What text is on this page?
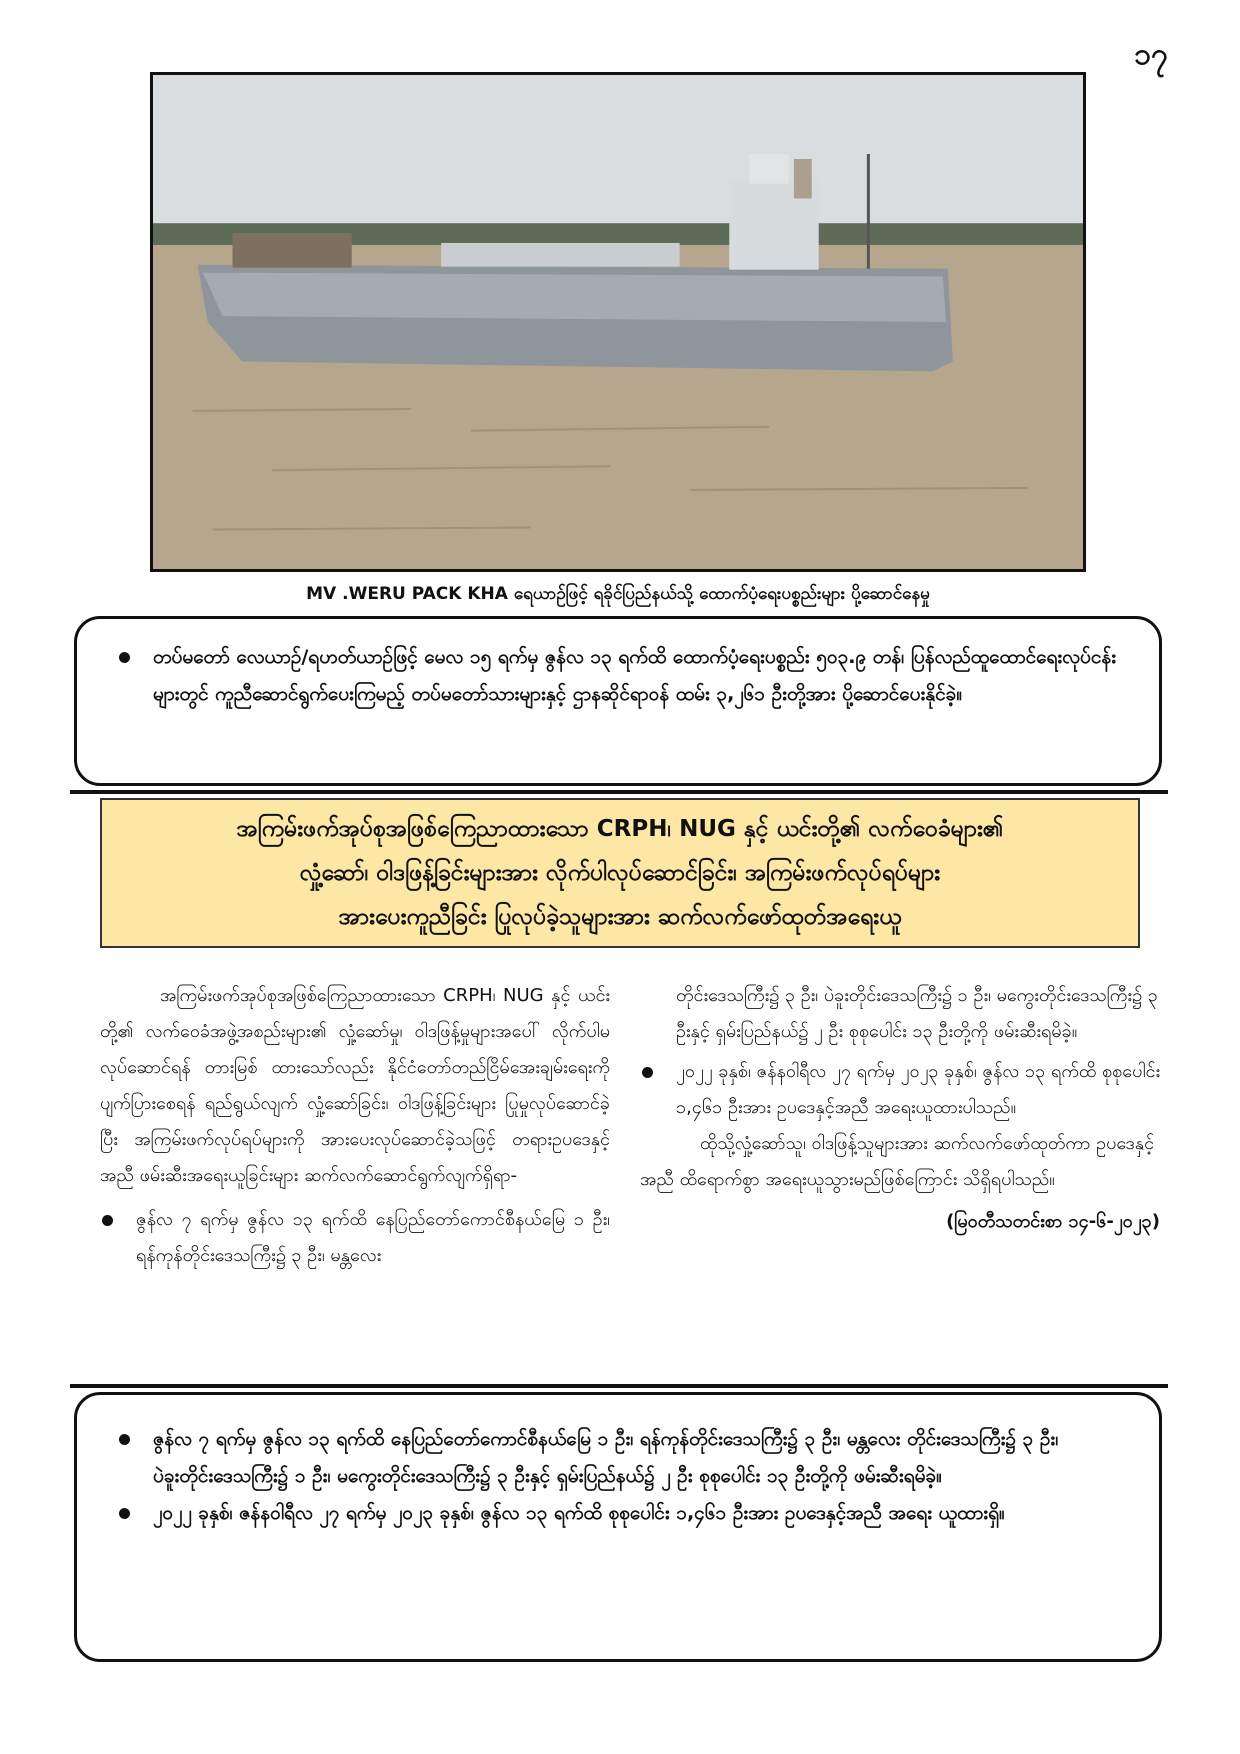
၁၇
MV .WERU PACK KHA ရေယာဉ်ဖြင့် ရခိုင်ပြည်နယ်သို့ ထောက်ပံ့ရေးပစ္စည်းများ ပို့ဆောင်နေမှု
တပ်မတော် လေယာဉ်/ရဟတ်ယာဉ်ဖြင့် မေလ ၁၅ ရက်မှ ဇွန်လ ၁၃ ရက်ထိ ထောက်ပံ့ရေးပစ္စည်း ၅၀၃.၉ တန်၊ ပြန်လည်ထူထောင်ရေးလုပ်ငန်းများတွင် ကူညီဆောင်ရွက်ပေးကြမည့် တပ်မတော်သားများနှင့် ဌာနဆိုင်ရာဝန် ထမ်း ၃,၂၆၁ ဦးတို့အား ပို့ဆောင်ပေးနိုင်ခဲ့။
အကြမ်းဖက်အုပ်စုအဖြစ်ကြေညာထားသော CRPH၊ NUG နှင့် ယင်းတို့၏ လက်ဝေခံများ၏
လှုံ့ဆော်၊ ဝါဒဖြန့်ခြင်းများအား လိုက်ပါလုပ်ဆောင်ခြင်း၊ အကြမ်းဖက်လုပ်ရပ်များ
အားပေးကူညီခြင်း ပြုလုပ်ခဲ့သူများအား ဆက်လက်ဖော်ထုတ်အရေးယူ

အကြမ်းဖက်အုပ်စုအဖြစ်ကြေညာထားသော CRPH၊ NUG နှင့် ယင်းတို့၏ လက်ဝေခံအဖွဲ့အစည်းများ၏ လှုံ့ဆော်မှု၊ ဝါဒဖြန့်မှုများအပေါ် လိုက်ပါမလုပ်ဆောင်ရန် တားမြစ် ထားသော်လည်း နိုင်ငံတော်တည်ငြိမ်အေးချမ်းရေးကို ပျက်ပြားစေရန် ရည်ရွယ်လျက် လှုံ့ဆော်ခြင်း၊ ဝါဒဖြန့်ခြင်းများ ပြုမှုလုပ်ဆောင်ခဲ့ပြီး အကြမ်းဖက်လုပ်ရပ်များကို အားပေးလုပ်ဆောင်ခဲ့သဖြင့် တရားဥပဒေနှင့်အညီ ဖမ်းဆီးအရေးယူခြင်းများ ဆက်လက်ဆောင်ရွက်လျက်ရှိရာ-

ဇွန်လ ၇ ရက်မှ ဇွန်လ ၁၃ ရက်ထိ နေပြည်တော်ကောင်စီနယ်မြေ ၁ ဦး၊ ရန်ကုန်တိုင်းဒေသကြီး၌ ၃ ဦး၊ မန္တလေး

တိုင်းဒေသကြီး၌ ၃ ဦး၊ ပဲခူးတိုင်းဒေသကြီး၌ ၁ ဦး၊ မကွေးတိုင်းဒေသကြီး၌ ၃ ဦးနှင့် ရှမ်းပြည်နယ်၌ ၂ ဦး စုစုပေါင်း ၁၃ ဦးတို့ကို ဖမ်းဆီးရမိခဲ့။

၂၀၂၂ ခုနှစ်၊ ဇန်နဝါရီလ ၂၇ ရက်မှ ၂၀၂၃ ခုနှစ်၊ ဇွန်လ ၁၃ ရက်ထိ စုစုပေါင်း ၁,၄၆၁ ဦးအား ဥပဒေနှင့်အညီ အရေးယူထားပါသည်။

ထိုသို့လှုံ့ဆော်သူ၊ ဝါဒဖြန့်သူများအား ဆက်လက်ဖော်ထုတ်ကာ ဥပဒေနှင့်အညီ ထိရောက်စွာ အရေးယူသွားမည်ဖြစ်ကြောင်း သိရှိရပါသည်။

(မြဝတီသတင်းစာ ၁၄-၆-၂၀၂၃)

ဇွန်လ ၇ ရက်မှ ဇွန်လ ၁၃ ရက်ထိ နေပြည်တော်ကောင်စီနယ်မြေ ၁ ဦး၊ ရန်ကုန်တိုင်းဒေသကြီး၌ ၃ ဦး၊ မန္တလေး တိုင်းဒေသကြီး၌ ၃ ဦး၊ ပဲခူးတိုင်းဒေသကြီး၌ ၁ ဦး၊ မကွေးတိုင်းဒေသကြီး၌ ၃ ဦးနှင့် ရှမ်းပြည်နယ်၌ ၂ ဦး စုစုပေါင်း ၁၃ ဦးတို့ကို ဖမ်းဆီးရမိခဲ့။
၂၀၂၂ ခုနှစ်၊ ဇန်နဝါရီလ ၂၇ ရက်မှ ၂၀၂၃ ခုနှစ်၊ ဇွန်လ ၁၃ ရက်ထိ စုစုပေါင်း ၁,၄၆၁ ဦးအား ဥပဒေနှင့်အညီ အရေး ယူထားရှိ။
